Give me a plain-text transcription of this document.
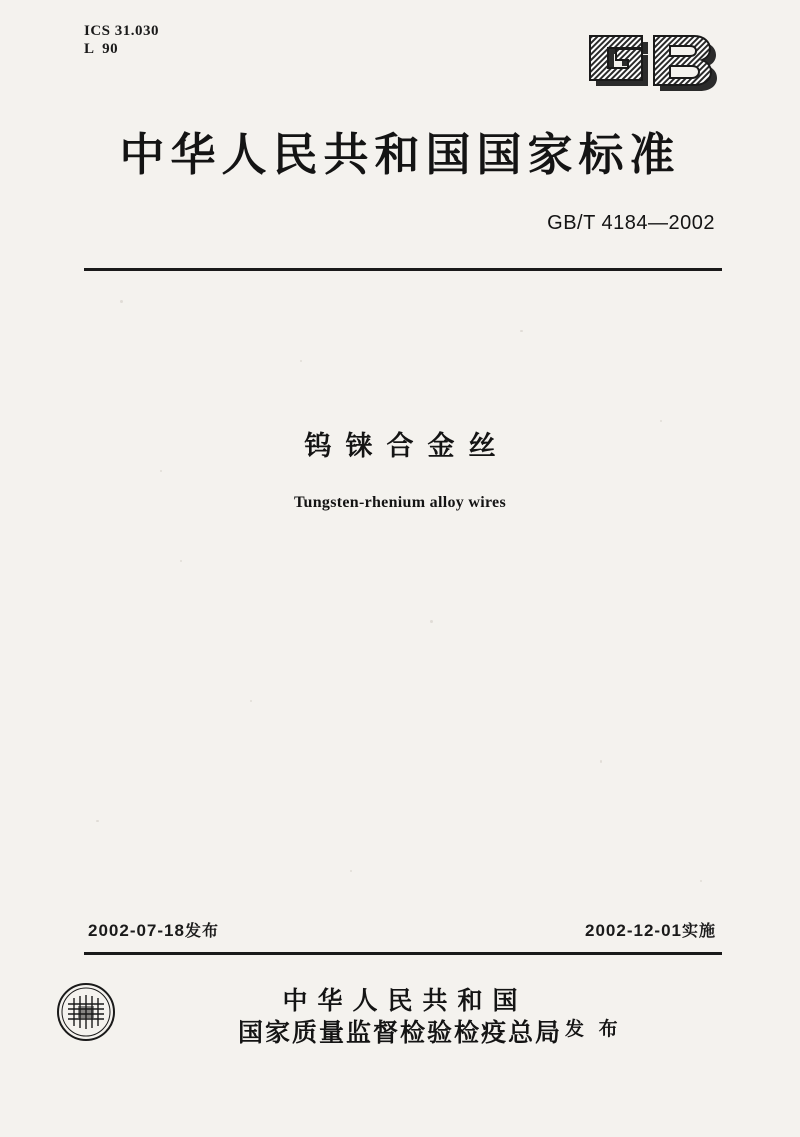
ICS 31.030
L  90
中华人民共和国国家标准
GB/T 4184—2002
钨铼合金丝
Tungsten-rhenium alloy wires
2002-07-18发布	2002-12-01实施
中华人民共和国
国家质量监督检验检疫总局 发 布
